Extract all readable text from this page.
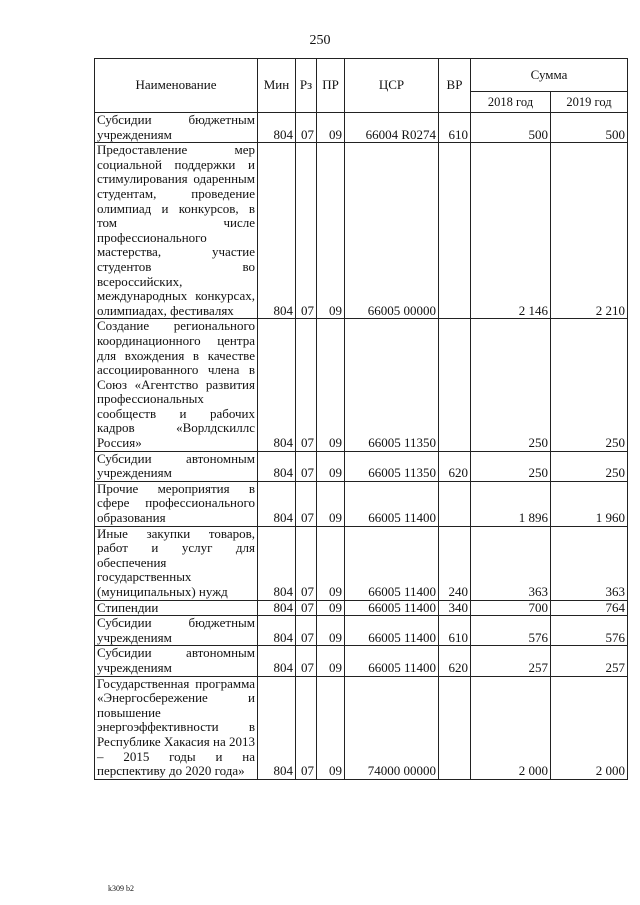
250
Наименование	Мин	Рз	ПР	ЦСР	ВР	Сумма	
						2018 год	2019 год
Субсидии бюджетным учреждениям	804	07	09	66004 R0274	610	500	500
Предоставление мер социальной поддержки и стимулирования одаренным студентам, проведение олимпиад и конкурсов, в том числе профессионального мастерства, участие студентов во всероссийских, международных конкурсах, олимпиадах, фестивалях	804	07	09	66005 00000		2 146	2 210
Создание регионального координационного центра для вхождения в качестве ассоциированного члена в Союз «Агентство развития профессиональных сообществ и рабочих кадров «Ворлдскиллс Россия»	804	07	09	66005 11350		250	250
Субсидии автономным учреждениям	804	07	09	66005 11350	620	250	250
Прочие мероприятия в сфере профессионального образования	804	07	09	66005 11400		1 896	1 960
Иные закупки товаров, работ и услуг для обеспечения государственных (муниципальных) нужд	804	07	09	66005 11400	240	363	363
Стипендии	804	07	09	66005 11400	340	700	764
Субсидии бюджетным учреждениям	804	07	09	66005 11400	610	576	576
Субсидии автономным учреждениям	804	07	09	66005 11400	620	257	257
Государственная программа «Энергосбережение и повышение энергоэффективности в Республике Хакасия на 2013 – 2015 годы и на перспективу до 2020 года»	804	07	09	74000 00000		2 000	2 000
k309 b2
